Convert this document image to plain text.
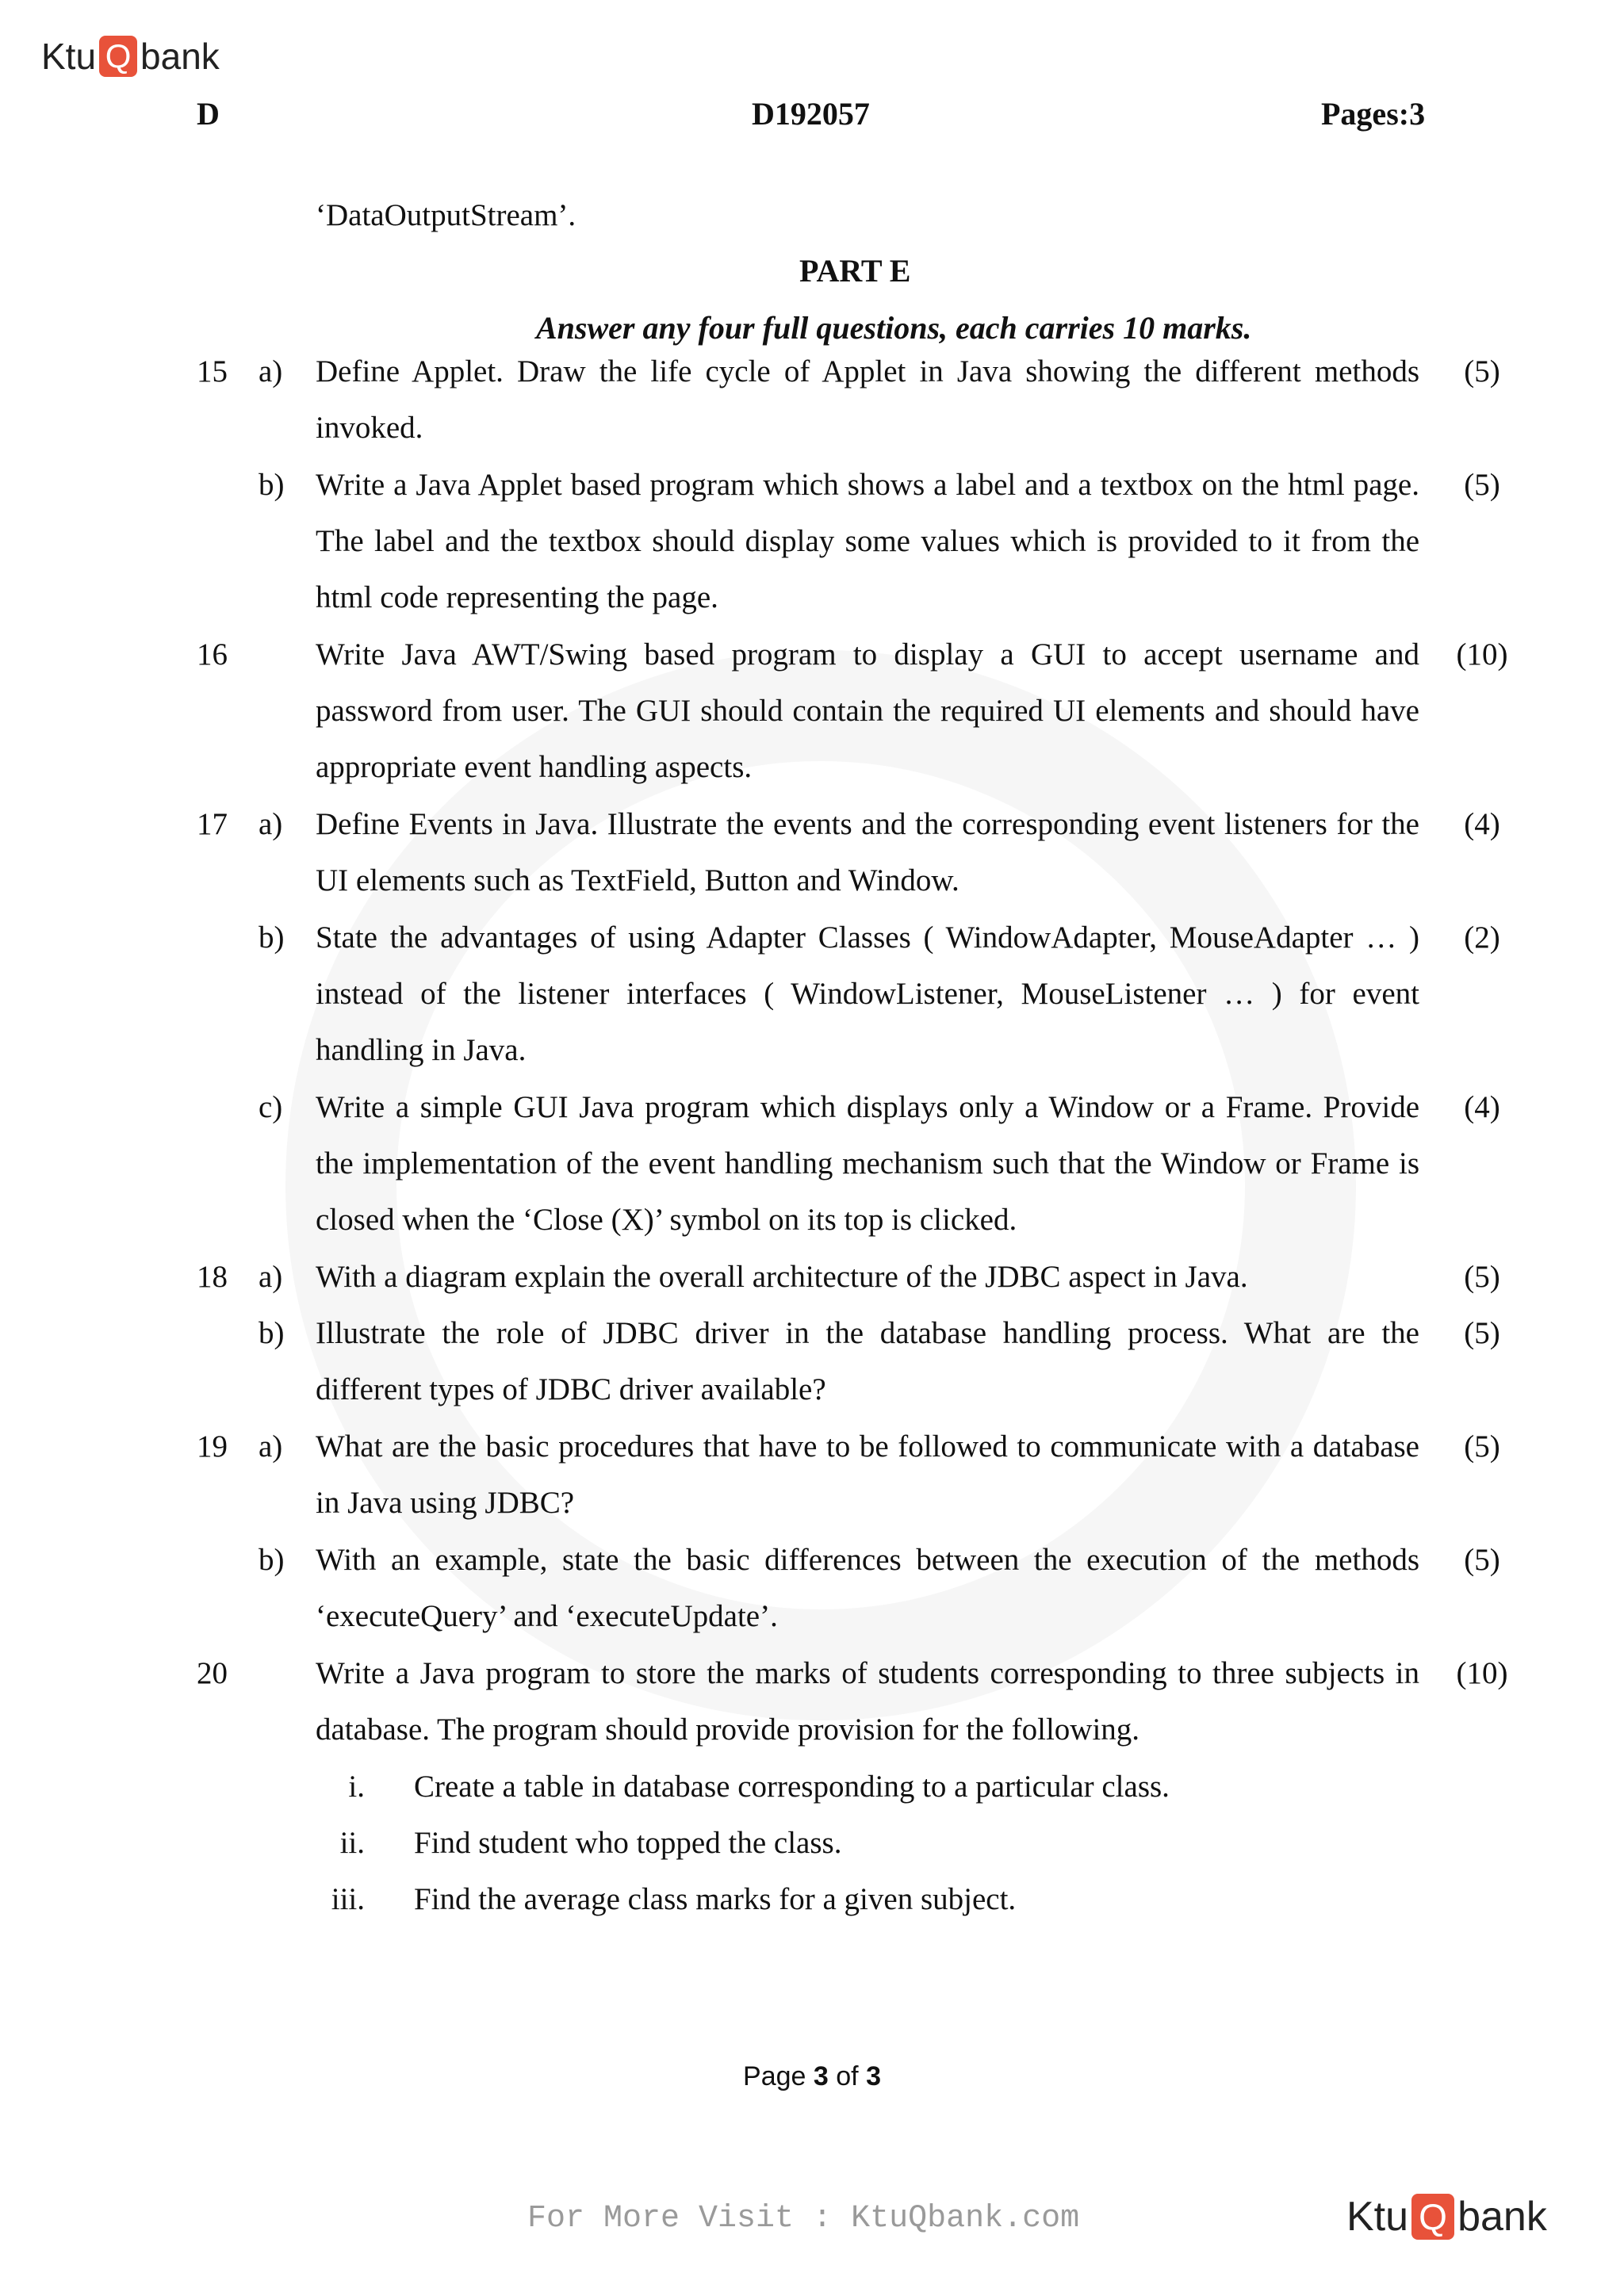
Ktu Q bank
D	D192057	Pages:3
‘DataOutputStream’.
PART E
Answer any four full questions, each carries 10 marks.
15 a) Define Applet. Draw the life cycle of Applet in Java showing the different methods invoked.
(5)
b) Write a Java Applet based program which shows a label and a textbox on the html page. The label and the textbox should display some values which is provided to it from the html code representing the page.
(5)
16	Write Java AWT/Swing based program to display a GUI to accept username and password from user. The GUI should contain the required UI elements and should have appropriate event handling aspects.
(10)
17 a) Define Events in Java. Illustrate the events and the corresponding event listeners for the UI elements such as TextField, Button and Window.
(4)
b) State the advantages of using Adapter Classes ( WindowAdapter, MouseAdapter … ) instead of the listener interfaces ( WindowListener, MouseListener … ) for event handling in Java.
(2)
c) Write a simple GUI Java program which displays only a Window or a Frame. Provide the implementation of the event handling mechanism such that the Window or Frame is closed when the ‘Close (X)’ symbol on its top is clicked.
(4)
18 a) With a diagram explain the overall architecture of the JDBC aspect in Java.	(5)
b) Illustrate the role of JDBC driver in the database handling process. What are the different types of JDBC driver available?
(5)
19 a) What are the basic procedures that have to be followed to communicate with a database in Java using JDBC?
(5)
b) With an example, state the basic differences between the execution of the methods ‘executeQuery’ and ‘executeUpdate’.
(5)
20	Write a Java program to store the marks of students corresponding to three subjects in database. The program should provide provision for the following.
(10)
i. Create a table in database corresponding to a particular class.
ii. Find student who topped the class.
iii. Find the average class marks for a given subject.
Page 3 of 3
For More Visit : KtuQbank.com	Ktu Q bank
